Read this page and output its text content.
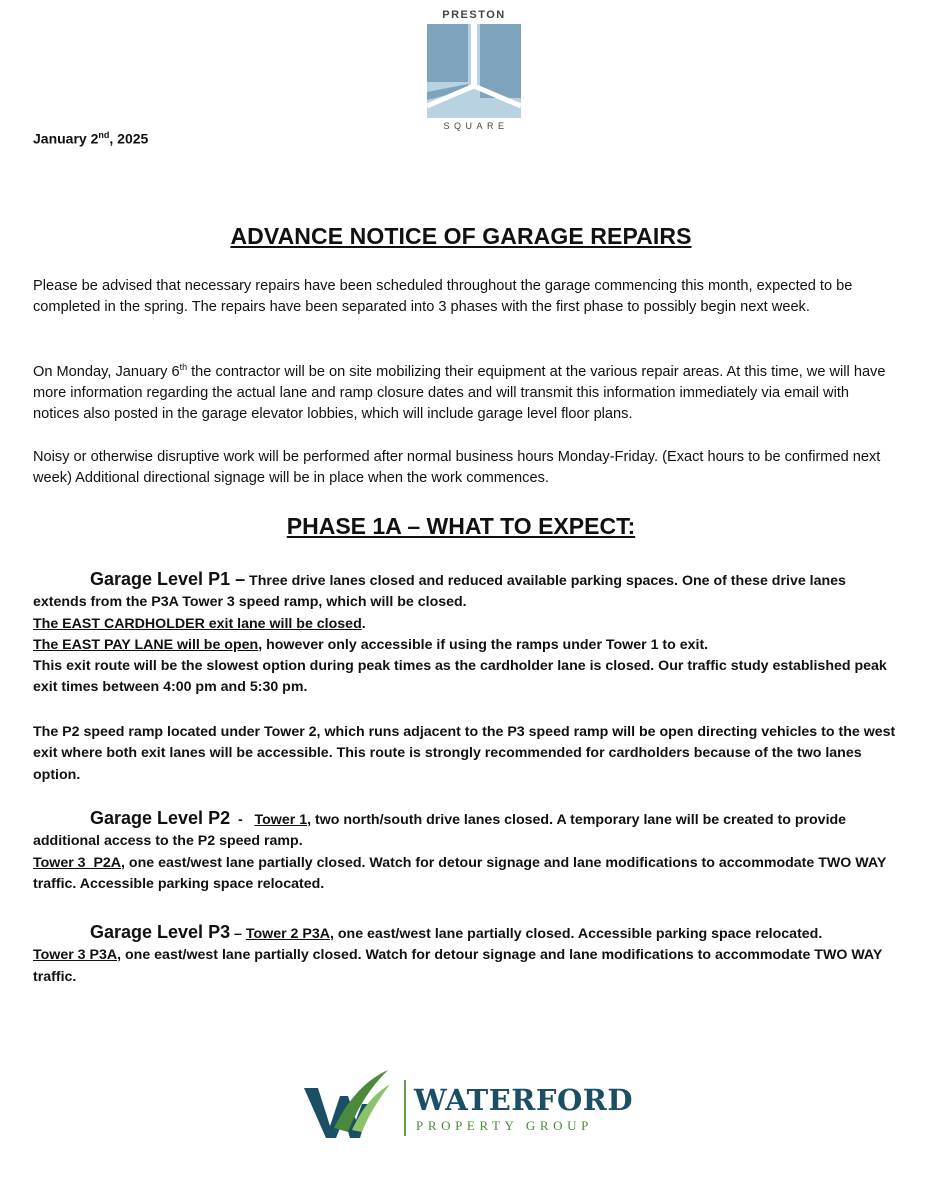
PRESTON
SQUARE
January 2nd, 2025
ADVANCE NOTICE OF GARAGE REPAIRS
Please be advised that necessary repairs have been scheduled throughout the garage commencing this month, expected to be completed in the spring. The repairs have been separated into 3 phases with the first phase to possibly begin next week.
On Monday, January 6th the contractor will be on site mobilizing their equipment at the various repair areas. At this time, we will have more information regarding the actual lane and ramp closure dates and will transmit this information immediately via email with notices also posted in the garage elevator lobbies, which will include garage level floor plans.
Noisy or otherwise disruptive work will be performed after normal business hours Monday-Friday. (Exact hours to be confirmed next week) Additional directional signage will be in place when the work commences.
PHASE 1A – WHAT TO EXPECT:
Garage Level P1 – Three drive lanes closed and reduced available parking spaces. One of these drive lanes extends from the P3A Tower 3 speed ramp, which will be closed.
The EAST CARDHOLDER exit lane will be closed.
The EAST PAY LANE will be open, however only accessible if using the ramps under Tower 1 to exit.
This exit route will be the slowest option during peak times as the cardholder lane is closed. Our traffic study established peak exit times between 4:00 pm and 5:30 pm.
The P2 speed ramp located under Tower 2, which runs adjacent to the P3 speed ramp will be open directing vehicles to the west exit where both exit lanes will be accessible. This route is strongly recommended for cardholders because of the two lanes option.
Garage Level P2  -   Tower 1, two north/south drive lanes closed. A temporary lane will be created to provide additional access to the P2 speed ramp.
Tower 3  P2A, one east/west lane partially closed. Watch for detour signage and lane modifications to accommodate TWO WAY traffic. Accessible parking space relocated.
Garage Level P3 – Tower 2 P3A, one east/west lane partially closed. Accessible parking space relocated.
Tower 3 P3A, one east/west lane partially closed. Watch for detour signage and lane modifications to accommodate TWO WAY traffic.
WATERFORD
PROPERTY GROUP
